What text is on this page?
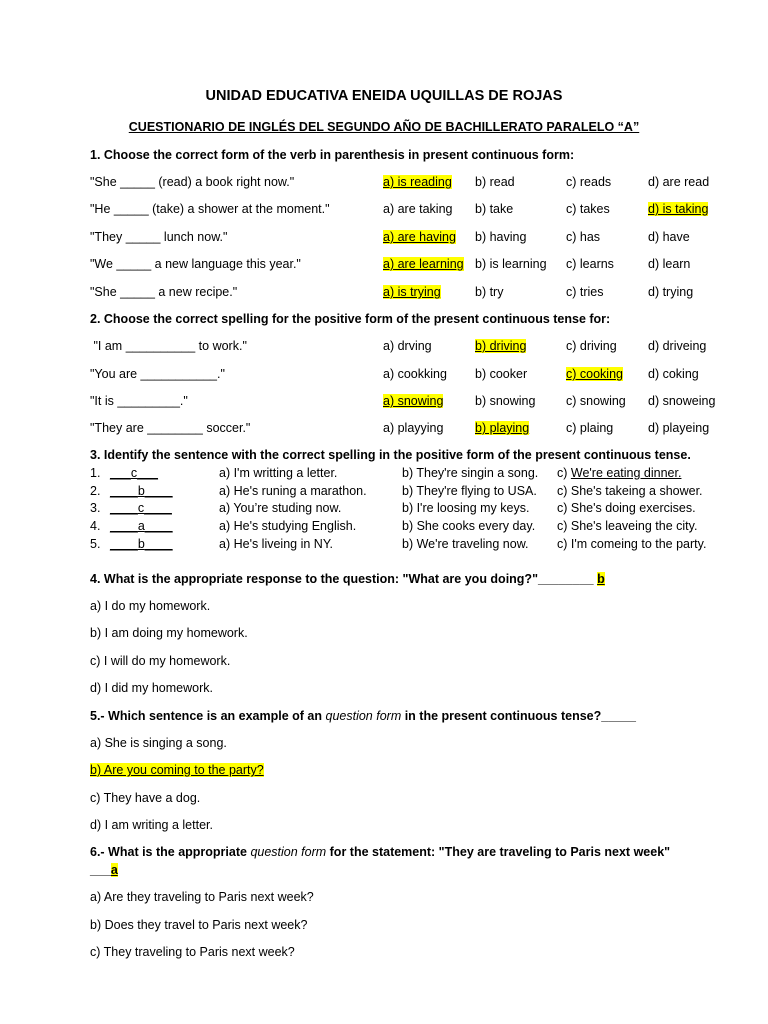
UNIDAD EDUCATIVA ENEIDA UQUILLAS DE ROJAS
CUESTIONARIO DE INGLÉS DEL SEGUNDO AÑO DE BACHILLERATO PARALELO “A”
1. Choose the correct form of the verb in parenthesis in present continuous form:
"She _____ (read) a book right now."	a) is reading b) read	c) reads	d) are read
"He _____ (take) a shower at the moment."	a) are taking b) take	c) takes	d) is taking
"They _____ lunch now."	a) are having b) having	c) has	d) have
"We _____ a new language this year."	a) are learning b) is learning c) learns	d) learn
"She _____ a new recipe."	a) is trying	b) try	c) tries	d) trying
2. Choose the correct spelling for the positive form of the present continuous tense for:
"I am __________ to work."	a) drving	b) driving	c) driving	d) driveing
"You are ___________."	a) cookking b) cooker	c) cooking d) coking
"It is _________."	a) snowing	b) snowing c) snowing d) snoweing
"They are ________ soccer."	a) playying	b) playing	c) plaing	d) playeing
3. Identify the sentence with the correct spelling in the positive form of the present continuous tense.
1. ___c___	a) I'm writting a letter.	b) They're singin a song. c) We're eating dinner.
2. ____b____	a) He's runing a marathon.	b) They're flying to USA. c) She's takeing a shower.
3. ____c____	a) You’re studing now.	b) I're loosing my keys. c) She's doing exercises.
4. ____a____	a) He's studying English.	b) She cooks every day. c) She's leaveing the city.
5. ____b____	a) He's liveing in NY.	b) We're traveling now. c) I'm comeing to the party.
4. What is the appropriate response to the question: "What are you doing?"________ b
a) I do my homework.
b) I am doing my homework.
c) I will do my homework.
d) I did my homework.
5.- Which sentence is an example of an question form in the present continuous tense?_____
a) She is singing a song.
b) Are you coming to the party?
c) They have a dog.
d) I am writing a letter.
6.- What is the appropriate question form for the statement: "They are traveling to Paris next week"
___a
a) Are they traveling to Paris next week?
b) Does they travel to Paris next week?
c) They traveling to Paris next week?
